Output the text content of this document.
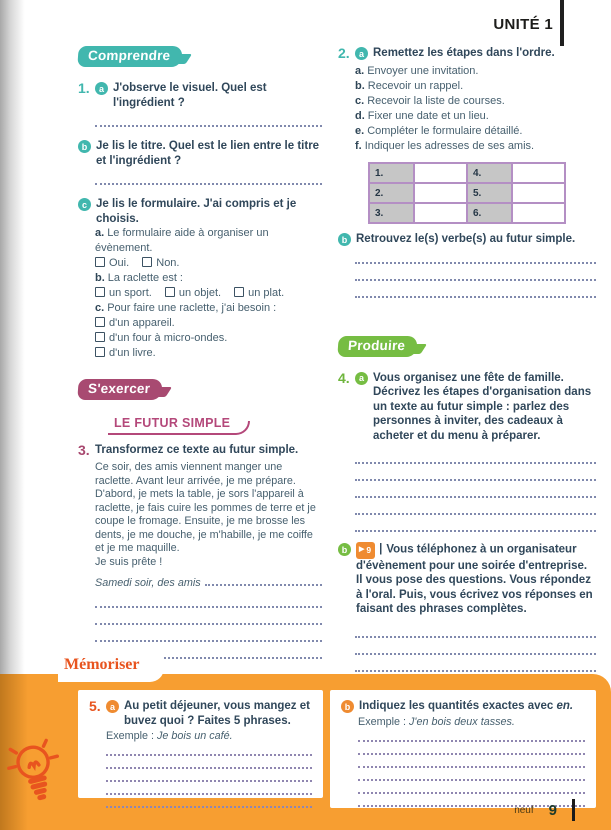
UNITÉ 1
Comprendre
1.	a J'observe le visuel. Quel est l'ingrédient ?
b Je lis le titre. Quel est le lien entre le titre et l'ingrédient ?
c Je lis le formulaire. J'ai compris et je choisis.
a. Le formulaire aide à organiser un évènement.
Oui. Non.
b. La raclette est :
un sport. un objet. un plat.
c. Pour faire une raclette, j'ai besoin :
d'un appareil.
d'un four à micro-ondes.
d'un livre.
S'exercer
LE FUTUR SIMPLE
3. Transformez ce texte au futur simple.
Ce soir, des amis viennent manger une raclette. Avant leur arrivée, je me prépare. D'abord, je mets la table, je sors l'appareil à raclette, je fais cuire les pommes de terre et je coupe le fromage. Ensuite, je me brosse les dents, je me douche, je m'habille, je me coiffe et je me maquille.
Je suis prête !
Samedi soir, des amis
2.	a Remettez les étapes dans l'ordre.
a. Envoyer une invitation.
b. Recevoir un rappel.
c. Recevoir la liste de courses.
d. Fixer une date et un lieu.
e. Compléter le formulaire détaillé.
f. Indiquer les adresses de ses amis.
1.		4.	
2.		5.	
3.		6.	
b Retrouvez le(s) verbe(s) au futur simple.
Produire
4.	a Vous organisez une fête de famille. Décrivez les étapes d'organisation dans un texte au futur simple : parlez des personnes à inviter, des cadeaux à acheter et du menu à préparer.
b	▶ 9 | Vous téléphonez à un organisateur d'évènement pour une soirée d'entreprise. Il vous pose des questions. Vous répondez à l'oral. Puis, vous écrivez vos réponses en faisant des phrases complètes.
Mémoriser
5.	a Au petit déjeuner, vous mangez et buvez quoi ? Faites 5 phrases.
Exemple : Je bois un café.
b Indiquez les quantités exactes avec en.
Exemple : J'en bois deux tasses.
neuf 9
